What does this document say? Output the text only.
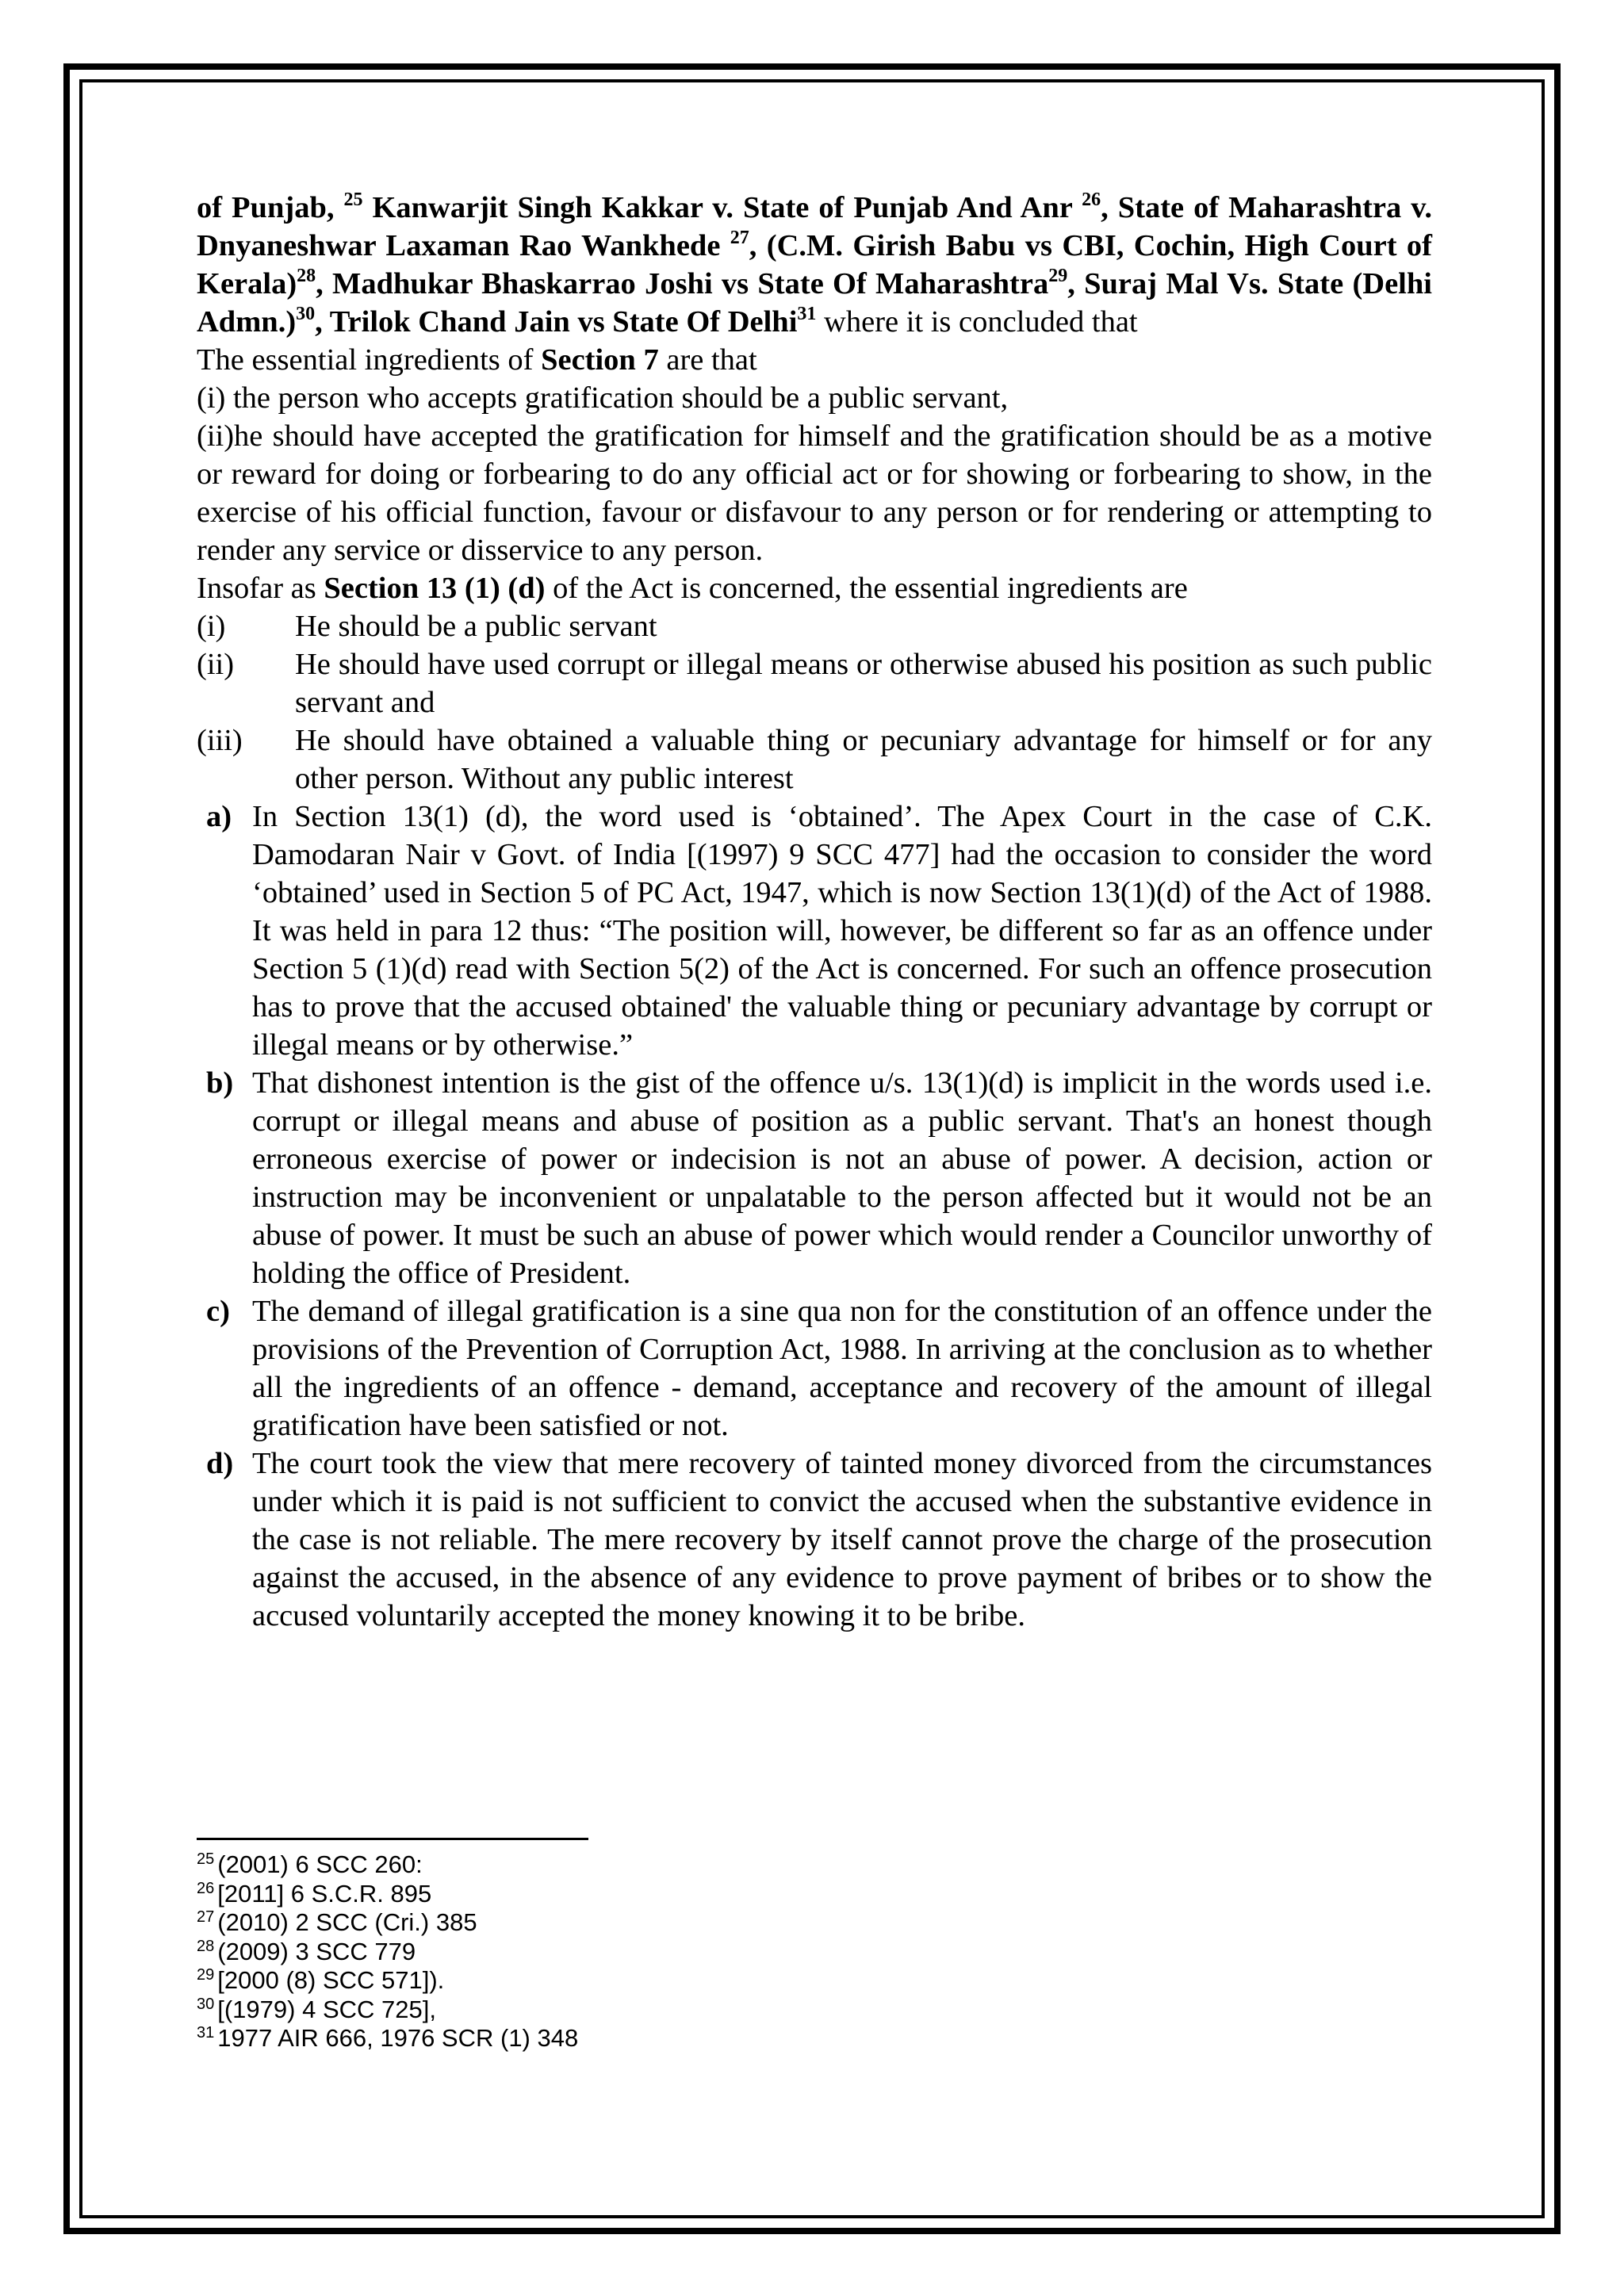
of Punjab, $^{25}$ Kanwarjit Singh Kakkar v. State of Punjab And Anr $^{26}$, State of Maharashtra v. Dnyaneshwar Laxaman Rao Wankhede $^{27}$, (C.M. Girish Babu vs CBI, Cochin, High Court of Kerala)$^{28}$, Madhukar Bhaskarrao Joshi vs State Of Maharashtra$^{29}$, Suraj Mal Vs. State (Delhi Admn.)$^{30}$, Trilok Chand Jain vs State Of Delhi$^{31}$ where it is concluded that

The essential ingredients of Section 7 are that

(i) the person who accepts gratification should be a public servant,

(ii)he should have accepted the gratification for himself and the gratification should be as a motive or reward for doing or forbearing to do any official act or for showing or forbearing to show, in the exercise of his official function, favour or disfavour to any person or for rendering or attempting to render any service or disservice to any person.

Insofar as Section 13 (1) (d) of the Act is concerned, the essential ingredients are

(i)	He should be a public servant
(ii)	He should have used corrupt or illegal means or otherwise abused his position as such public servant and
(iii)	He should have obtained a valuable thing or pecuniary advantage for himself or for any other person. Without any public interest
a) In Section 13(1) (d), the word used is ‘obtained’. The Apex Court in the case of C.K. Damodaran Nair v Govt. of India [(1997) 9 SCC 477] had the occasion to consider the word ‘obtained’ used in Section 5 of PC Act, 1947, which is now Section 13(1)(d) of the Act of 1988. It was held in para 12 thus: “The position will, however, be different so far as an offence under Section 5 (1)(d) read with Section 5(2) of the Act is concerned. For such an offence prosecution has to prove that the accused obtained' the valuable thing or pecuniary advantage by corrupt or illegal means or by otherwise.”
b) That dishonest intention is the gist of the offence u/s. 13(1)(d) is implicit in the words used i.e. corrupt or illegal means and abuse of position as a public servant. That's an honest though erroneous exercise of power or indecision is not an abuse of power. A decision, action or instruction may be inconvenient or unpalatable to the person affected but it would not be an abuse of power. It must be such an abuse of power which would render a Councilor unworthy of holding the office of President.
c) The demand of illegal gratification is a sine qua non for the constitution of an offence under the provisions of the Prevention of Corruption Act, 1988. In arriving at the conclusion as to whether all the ingredients of an offence - demand, acceptance and recovery of the amount of illegal gratification have been satisfied or not.
d) The court took the view that mere recovery of tainted money divorced from the circumstances under which it is paid is not sufficient to convict the accused when the substantive evidence in the case is not reliable. The mere recovery by itself cannot prove the charge of the prosecution against the accused, in the absence of any evidence to prove payment of bribes or to show the accused voluntarily accepted the money knowing it to be bribe.
$^{25}$ (2001) 6 SCC 260:
$^{26}$ [2011] 6 S.C.R. 895
$^{27}$ (2010) 2 SCC (Cri.) 385
$^{28}$ (2009) 3 SCC 779
$^{29}$ [2000 (8) SCC 571]).
$^{30}$ [(1979) 4 SCC 725],
$^{31}$ 1977 AIR 666, 1976 SCR (1) 348
